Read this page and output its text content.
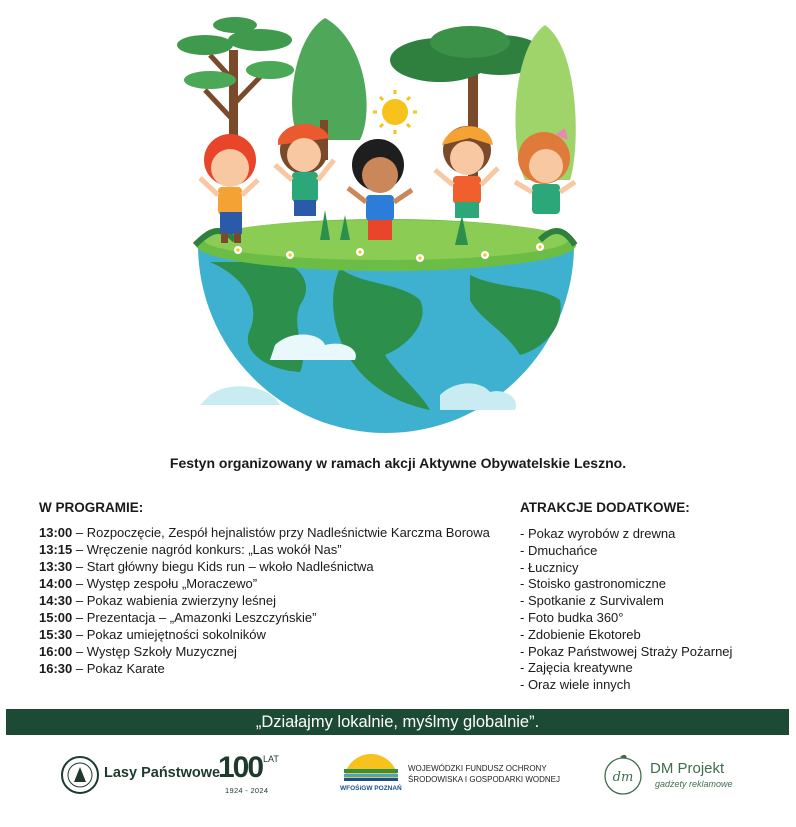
Festyn organizowany w ramach akcji Aktywne Obywatelskie Leszno.
W PROGRAMIE:
13:00 – Rozpoczęcie, Zespół hejnalistów przy Nadleśnictwie Karczma Borowa
13:15 – Wręczenie nagród konkurs: „Las wokół Nas”
13:30 – Start główny biegu Kids run – wkoło Nadleśnictwa
14:00 – Występ zespołu „Moraczewo”
14:30 – Pokaz wabienia zwierzyny leśnej
15:00 – Prezentacja – „Amazonki Leszczyńskie”
15:30 – Pokaz umiejętności sokolników
16:00 – Występ Szkoły Muzycznej
16:30 – Pokaz Karate
ATRAKCJE DODATKOWE:
- Pokaz wyrobów z drewna
- Dmuchańce
- Łucznicy
- Stoisko gastronomiczne
- Spotkanie z Survivalem
- Foto budka 360°
- Zdobienie Ekotoreb
- Pokaz Państwowej Straży Pożarnej
- Zajęcia kreatywne
- Oraz wiele innych
„Działajmy lokalnie, myślmy globalnie”.
Lasy Państwowe
100 LAT
1924 - 2024	WFOŚiGW POZNAŃ
WOJEWÓDZKI FUNDUSZ OCHRONY
ŚRODOWISKA I GOSPODARKI WODNEJ	dm
DM Projekt
gadżety reklamowe
